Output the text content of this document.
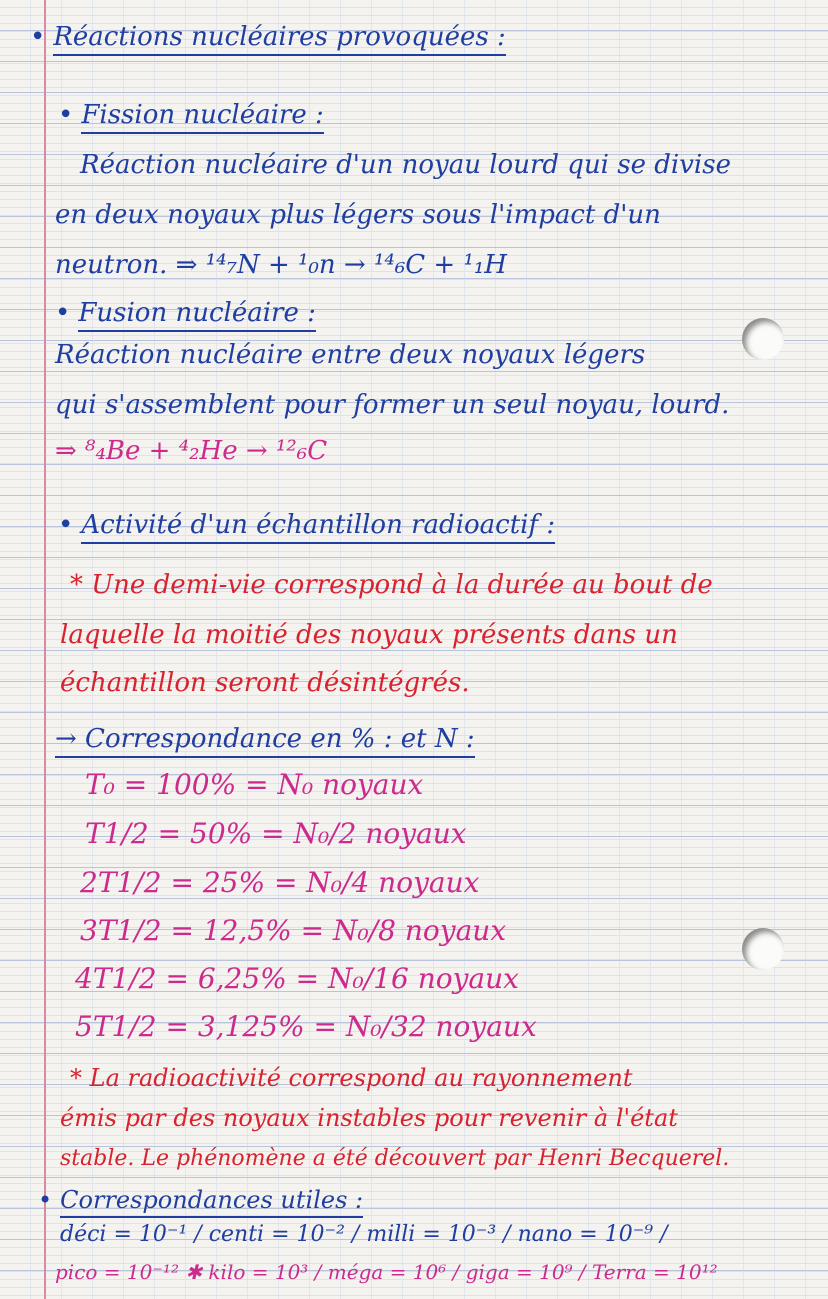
• Réactions nucléaires provoquées :
• Fission nucléaire :
Réaction nucléaire d'un noyau lourd qui se divise
en deux noyaux plus légers sous l'impact d'un
neutron. ⇒ ¹⁴₇N + ¹₀n → ¹⁴₆C + ¹₁H
• Fusion nucléaire :
Réaction nucléaire entre deux noyaux légers
qui s'assemblent pour former un seul noyau, lourd.
⇒ ⁸₄Be + ⁴₂He → ¹²₆C
• Activité d'un échantillon radioactif :
* Une demi-vie correspond à la durée au bout de
laquelle la moitié des noyaux présents dans un
échantillon seront désintégrés.
→ Correspondance en % : et N :
T₀ = 100% = N₀ noyaux
T1/2 = 50% = N₀/2 noyaux
2T1/2 = 25% = N₀/4 noyaux
3T1/2 = 12,5% = N₀/8 noyaux
4T1/2 = 6,25% = N₀/16 noyaux
5T1/2 = 3,125% = N₀/32 noyaux
* La radioactivité correspond au rayonnement
émis par des noyaux instables pour revenir à l'état
stable. Le phénomène a été découvert par Henri Becquerel.
• Correspondances utiles :
déci = 10⁻¹ / centi = 10⁻² / milli = 10⁻³ / nano = 10⁻⁹ /
pico = 10⁻¹² ✱ kilo = 10³ / méga = 10⁶ / giga = 10⁹ / Terra = 10¹²
